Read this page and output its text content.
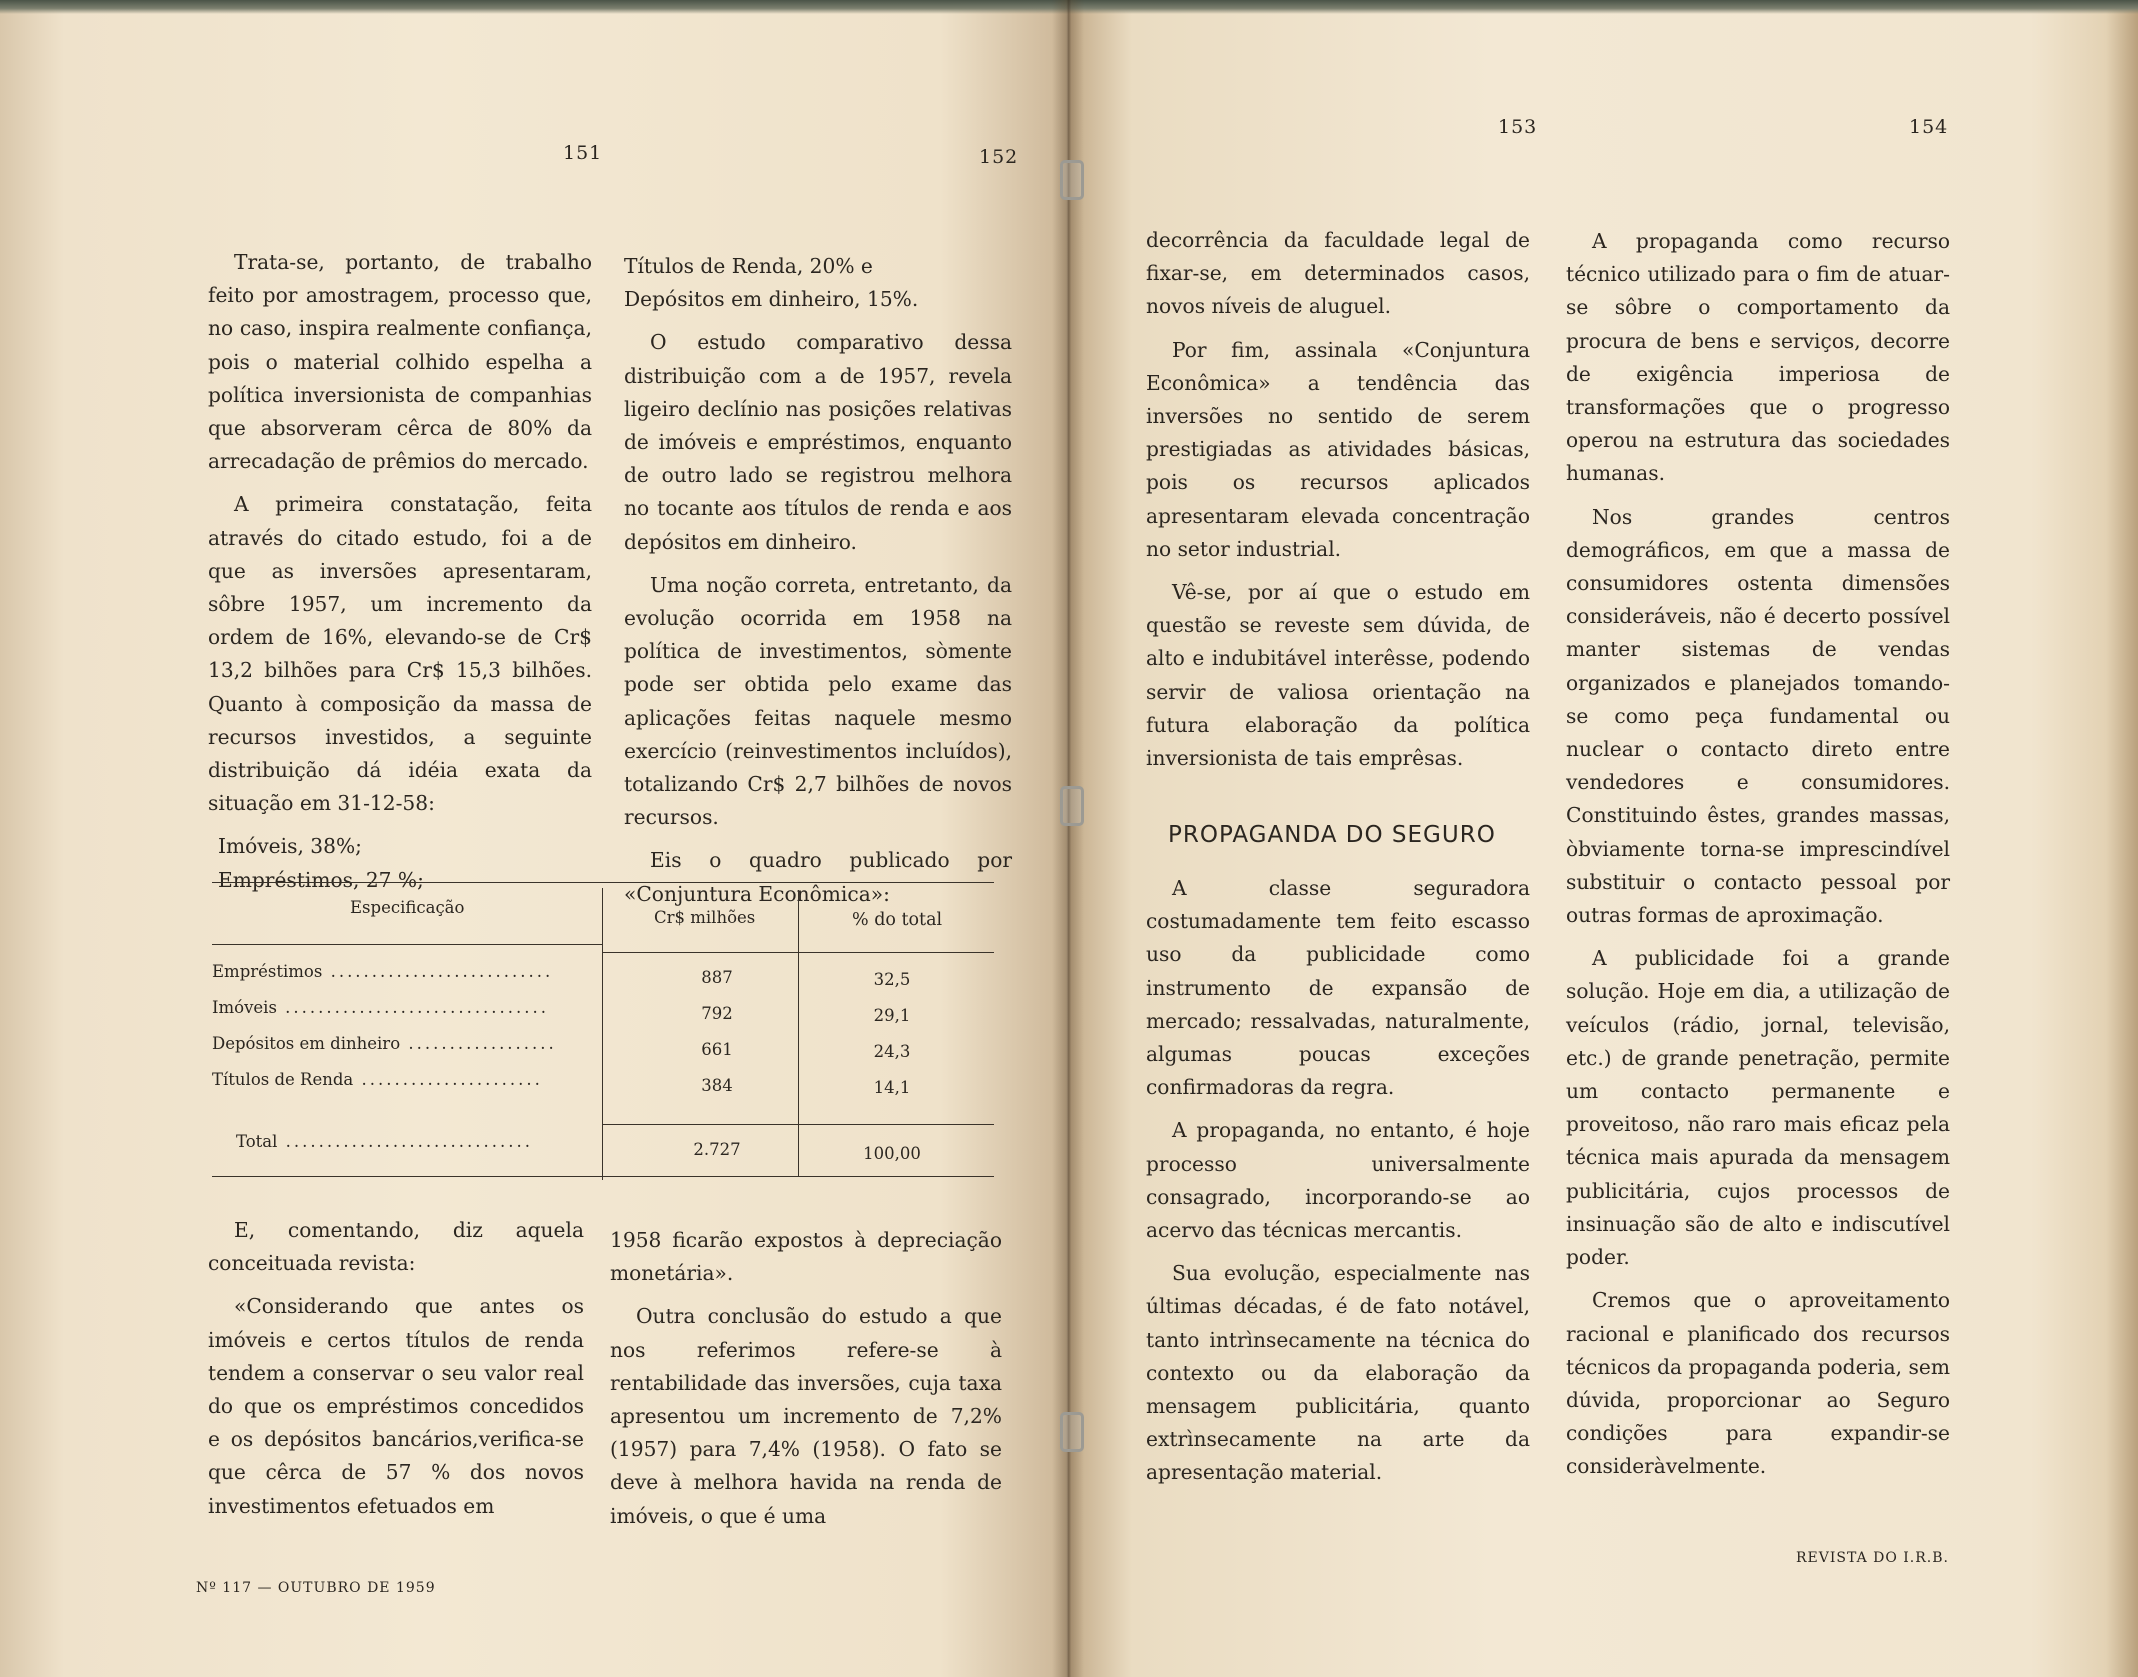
151	152

Trata-se, portanto, de trabalho feito por amostragem, processo que, no caso, inspira realmente confiança, pois o material colhido espelha a política inversionista de companhias que absorveram cêrca de 80% da arrecadação de prêmios do mercado.

A primeira constatação, feita através do citado estudo, foi a de que as inversões apresentaram, sôbre 1957, um incremento da ordem de 16%, elevando-se de Cr$ 13,2 bilhões para Cr$ 15,3 bilhões. Quanto à composição da massa de recursos investidos, a seguinte distribuição dá idéia exata da situação em 31-12-58:

Imóveis, 38%;

Empréstimos, 27 %;

Títulos de Renda, 20% e

Depósitos em dinheiro, 15%.

O estudo comparativo dessa distribuição com a de 1957, revela ligeiro declínio nas posições relativas de imóveis e empréstimos, enquanto de outro lado se registrou melhora no tocante aos títulos de renda e aos depósitos em dinheiro.

Uma noção correta, entretanto, da evolução ocorrida em 1958 na política de investimentos, sòmente pode ser obtida pelo exame das aplicações feitas naquele mesmo exercício (reinvestimentos incluídos), totalizando Cr$ 2,7 bilhões de novos recursos.

Eis o quadro publicado por «Conjuntura Econômica»:

Especificação
Cr$ milhões	% do total
Empréstimos ...........................	887	32,5
Imóveis ................................	792	29,1
Depósitos em dinheiro ..................	661	24,3
Títulos de Renda ......................	384	14,1
Total ..............................	2.727	100,00

E, comentando, diz aquela conceituada revista:

«Considerando que antes os imóveis e certos títulos de renda tendem a conservar o seu valor real do que os empréstimos concedidos e os depósitos bancários,verifica-se que cêrca de 57 % dos novos investimentos efetuados em

1958 ficarão expostos à depreciação monetária».

Outra conclusão do estudo a que nos referimos refere-se à rentabilidade das inversões, cuja taxa apresentou um incremento de 7,2% (1957) para 7,4% (1958). O fato se deve à melhora havida na renda de imóveis, o que é uma

Nº 117 — OUTUBRO DE 1959
153	154

decorrência da faculdade legal de fixar-se, em determinados casos, novos níveis de aluguel.

Por fim, assinala «Conjuntura Econômica» a tendência das inversões no sentido de serem prestigiadas as atividades básicas, pois os recursos aplicados apresentaram elevada concentração no setor industrial.

Vê-se, por aí que o estudo em questão se reveste sem dúvida, de alto e indubitável interêsse, podendo servir de valiosa orientação na futura elaboração da política inversionista de tais emprêsas.

PROPAGANDA DO SEGURO

A classe seguradora costumadamente tem feito escasso uso da publicidade como instrumento de expansão de mercado; ressalvadas, naturalmente, algumas poucas exceções confirmadoras da regra.

A propaganda, no entanto, é hoje processo universalmente consagrado, incorporando-se ao acervo das técnicas mercantis.

Sua evolução, especialmente nas últimas décadas, é de fato notável, tanto intrìnsecamente na técnica do contexto ou da elaboração da mensagem publicitária, quanto extrìnsecamente na arte da apresentação material.

A propaganda como recurso técnico utilizado para o fim de atuar-se sôbre o comportamento da procura de bens e serviços, decorre de exigência imperiosa de transformações que o progresso operou na estrutura das sociedades humanas.

Nos grandes centros demográficos, em que a massa de consumidores ostenta dimensões consideráveis, não é decerto possível manter sistemas de vendas organizados e planejados tomando-se como peça fundamental ou nuclear o contacto direto entre vendedores e consumidores. Constituindo êstes, grandes massas, òbviamente torna-se imprescindível substituir o contacto pessoal por outras formas de aproximação.

A publicidade foi a grande solução. Hoje em dia, a utilização de veículos (rádio, jornal, televisão, etc.) de grande penetração, permite um contacto permanente e proveitoso, não raro mais eficaz pela técnica mais apurada da mensagem publicitária, cujos processos de insinuação são de alto e indiscutível poder.

Cremos que o aproveitamento racional e planificado dos recursos técnicos da propaganda poderia, sem dúvida, proporcionar ao Seguro condições para expandir-se consideràvelmente.

REVISTA DO I.R.B.
